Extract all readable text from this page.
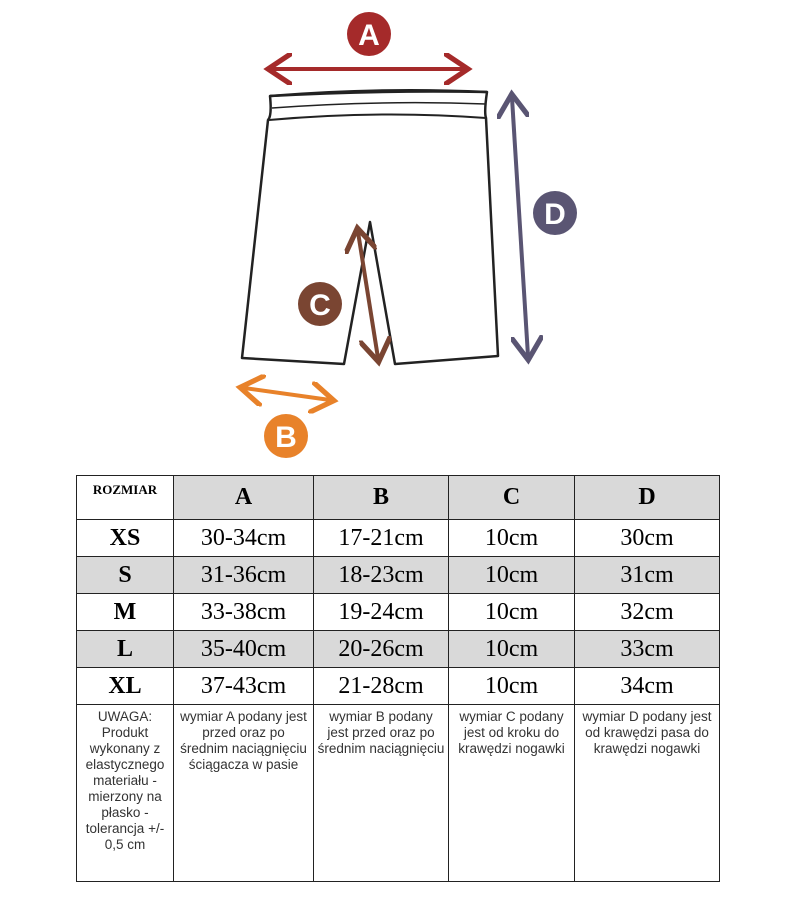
A
D
C
B
ROZMIAR	A	B	C	D
XS	30-34cm	17-21cm	10cm	30cm
S	31-36cm	18-23cm	10cm	31cm
M	33-38cm	19-24cm	10cm	32cm
L	35-40cm	20-26cm	10cm	33cm
XL	37-43cm	21-28cm	10cm	34cm
UWAGA: Produkt wykonany z elastycznego materiału - mierzony na płasko - tolerancja +/- 0,5 cm	wymiar A podany jest przed oraz po średnim naciągnięciu ściągacza w pasie	wymiar B podany jest przed oraz po średnim naciągnięciu	wymiar C podany jest od kroku do krawędzi nogawki	wymiar D podany jest od krawędzi pasa do krawędzi nogawki
